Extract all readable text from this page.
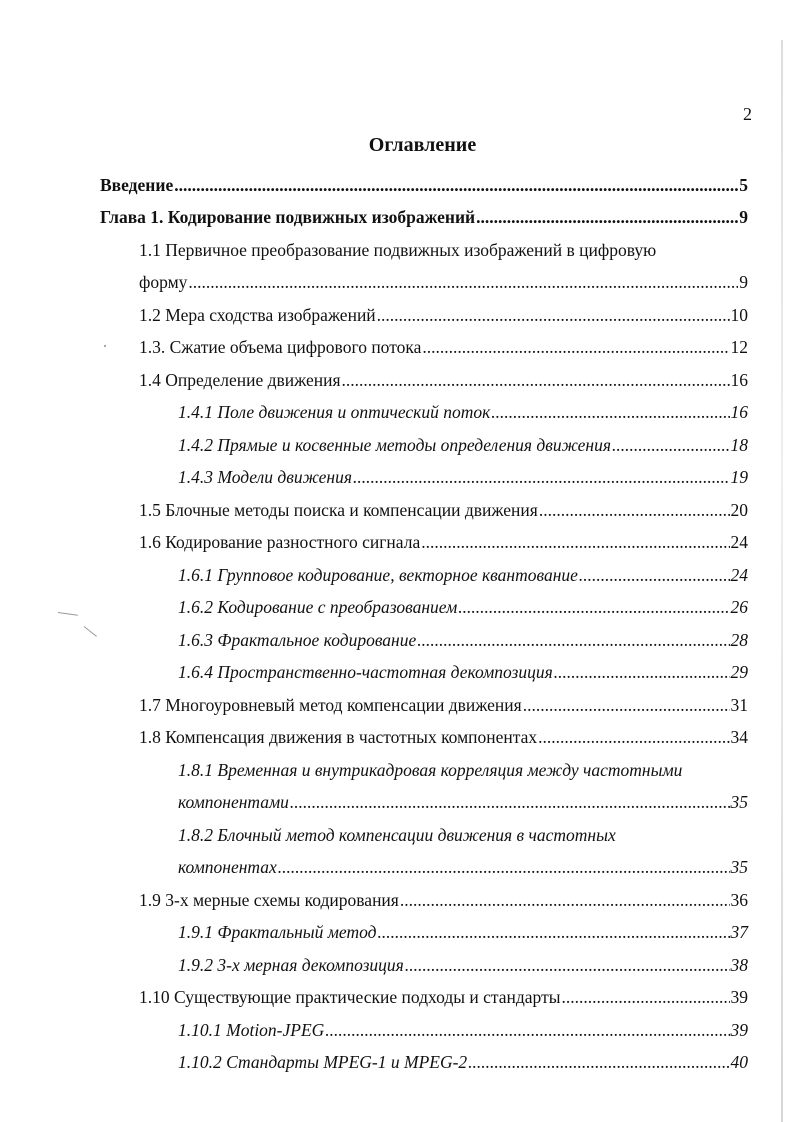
2
Оглавление
Введение .....	5
Глава 1. Кодирование подвижных изображений .....	9
1.1 Первичное преобразование подвижных изображений в цифровую
форму .....	9
1.2 Мера сходства изображений .....	10
1.3. Сжатие объема цифрового потока .....	12
1.4 Определение движения .....	16
1.4.1 Поле движения и оптический поток .....	16
1.4.2 Прямые и косвенные методы определения движения .....	18
1.4.3 Модели движения .....	19
1.5 Блочные методы поиска и компенсации движения .....	20
1.6 Кодирование разностного сигнала .....	24
1.6.1 Групповое кодирование, векторное квантование .....	24
1.6.2 Кодирование с преобразованием .....	26
1.6.3 Фрактальное кодирование .....	28
1.6.4 Пространственно-частотная декомпозиция .....	29
1.7 Многоуровневый метод компенсации движения .....	31
1.8 Компенсация движения в частотных компонентах .....	34
1.8.1 Временная и внутрикадровая корреляция между частотными
компонентами .....	35
1.8.2 Блочный метод компенсации движения в частотных
компонентах .....	35
1.9 3-х мерные схемы кодирования .....	36
1.9.1 Фрактальный метод .....	37
1.9.2 3-х мерная декомпозиция .....	38
1.10 Существующие практические подходы и стандарты .....	39
1.10.1 Motion-JPEG .....	39
1.10.2 Стандарты MPEG-1 и MPEG-2 .....	40
